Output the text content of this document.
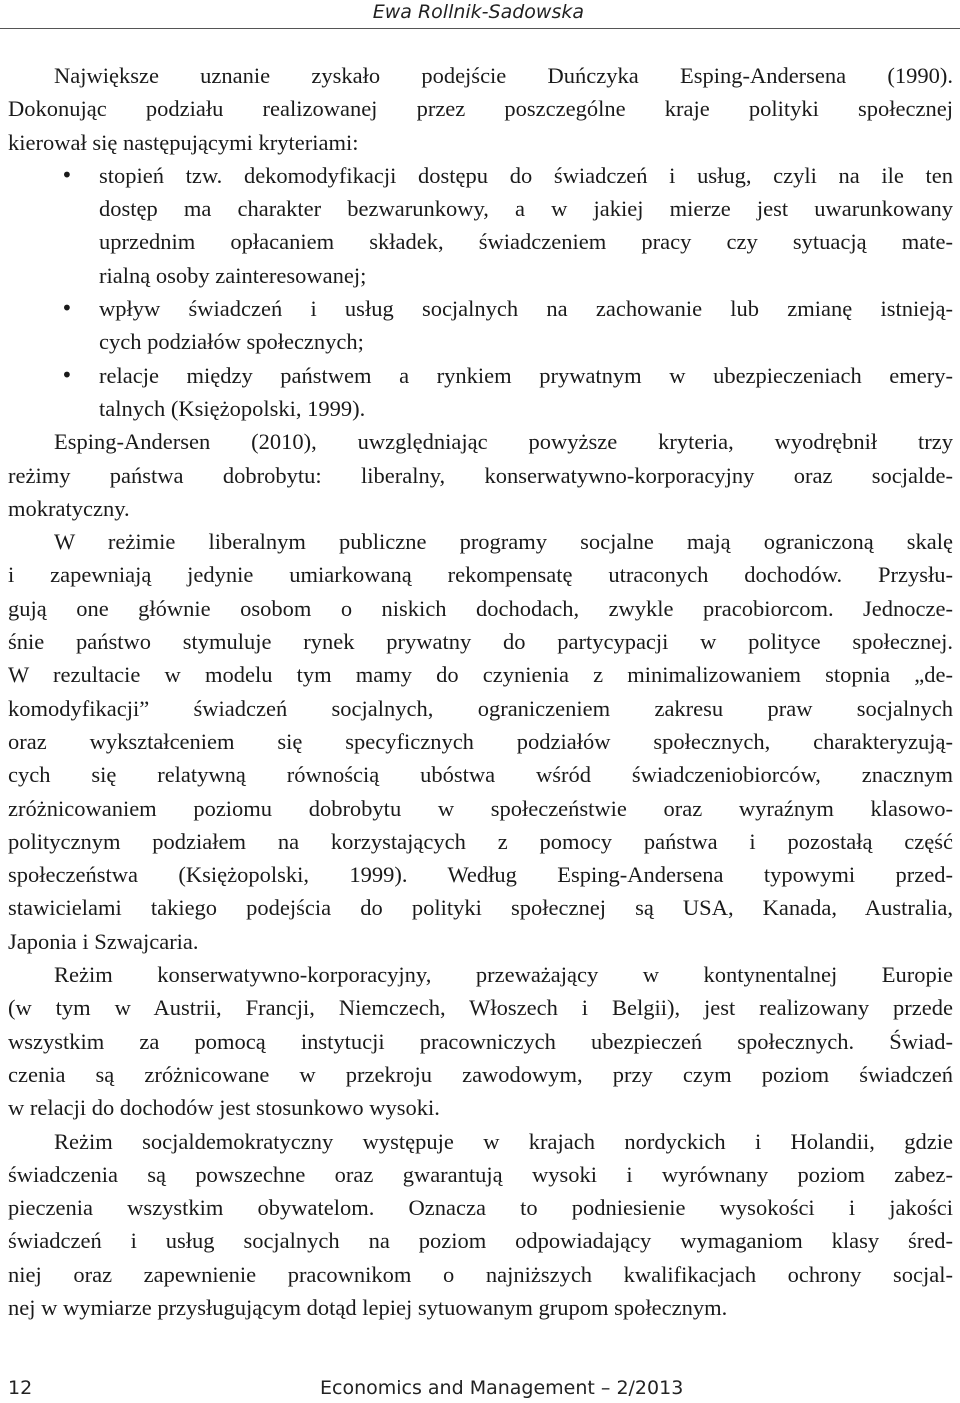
Ewa Rollnik-Sadowska
Największe uznanie zyskało podejście Duńczyka Esping-Andersena (1990).
Dokonując podziału realizowanej przez poszczególne kraje polityki społecznej
kierował się następującymi kryteriami:
•	stopień tzw. dekomodyfikacji dostępu do świadczeń i usług, czyli na ile ten
dostęp ma charakter bezwarunkowy, a w jakiej mierze jest uwarunkowany
uprzednim opłacaniem składek, świadczeniem pracy czy sytuacją mate-
rialną osoby zainteresowanej;
•	wpływ świadczeń i usług socjalnych na zachowanie lub zmianę istnieją-
cych podziałów społecznych;
•	relacje między państwem a rynkiem prywatnym w ubezpieczeniach emery-
talnych (Księżopolski, 1999).
Esping-Andersen (2010), uwzględniając powyższe kryteria, wyodrębnił trzy
reżimy państwa dobrobytu: liberalny, konserwatywno-korporacyjny oraz socjalde-
mokratyczny.
W reżimie liberalnym publiczne programy socjalne mają ograniczoną skalę
i zapewniają jedynie umiarkowaną rekompensatę utraconych dochodów. Przysłu-
gują one głównie osobom o niskich dochodach, zwykle pracobiorcom. Jednocze-
śnie państwo stymuluje rynek prywatny do partycypacji w polityce społecznej.
W rezultacie w modelu tym mamy do czynienia z minimalizowaniem stopnia „de-
komodyfikacji” świadczeń socjalnych, ograniczeniem zakresu praw socjalnych
oraz wykształceniem się specyficznych podziałów społecznych, charakteryzują-
cych się relatywną równością ubóstwa wśród świadczeniobiorców, znacznym
zróżnicowaniem poziomu dobrobytu w społeczeństwie oraz wyraźnym klasowo-
politycznym podziałem na korzystających z pomocy państwa i pozostałą część
społeczeństwa (Księżopolski, 1999). Według Esping-Andersena typowymi przed-
stawicielami takiego podejścia do polityki społecznej są USA, Kanada, Australia,
Japonia i Szwajcaria.
Reżim konserwatywno-korporacyjny, przeważający w kontynentalnej Europie
(w tym w Austrii, Francji, Niemczech, Włoszech i Belgii), jest realizowany przede
wszystkim za pomocą instytucji pracowniczych ubezpieczeń społecznych. Świad-
czenia są zróżnicowane w przekroju zawodowym, przy czym poziom świadczeń
w relacji do dochodów jest stosunkowo wysoki.
Reżim socjaldemokratyczny występuje w krajach nordyckich i Holandii, gdzie
świadczenia są powszechne oraz gwarantują wysoki i wyrównany poziom zabez-
pieczenia wszystkim obywatelom. Oznacza to podniesienie wysokości i jakości
świadczeń i usług socjalnych na poziom odpowiadający wymaganiom klasy śred-
niej oraz zapewnienie pracownikom o najniższych kwalifikacjach ochrony socjal-
nej w wymiarze przysługującym dotąd lepiej sytuowanym grupom społecznym.
12	Economics and Management – 2/2013
